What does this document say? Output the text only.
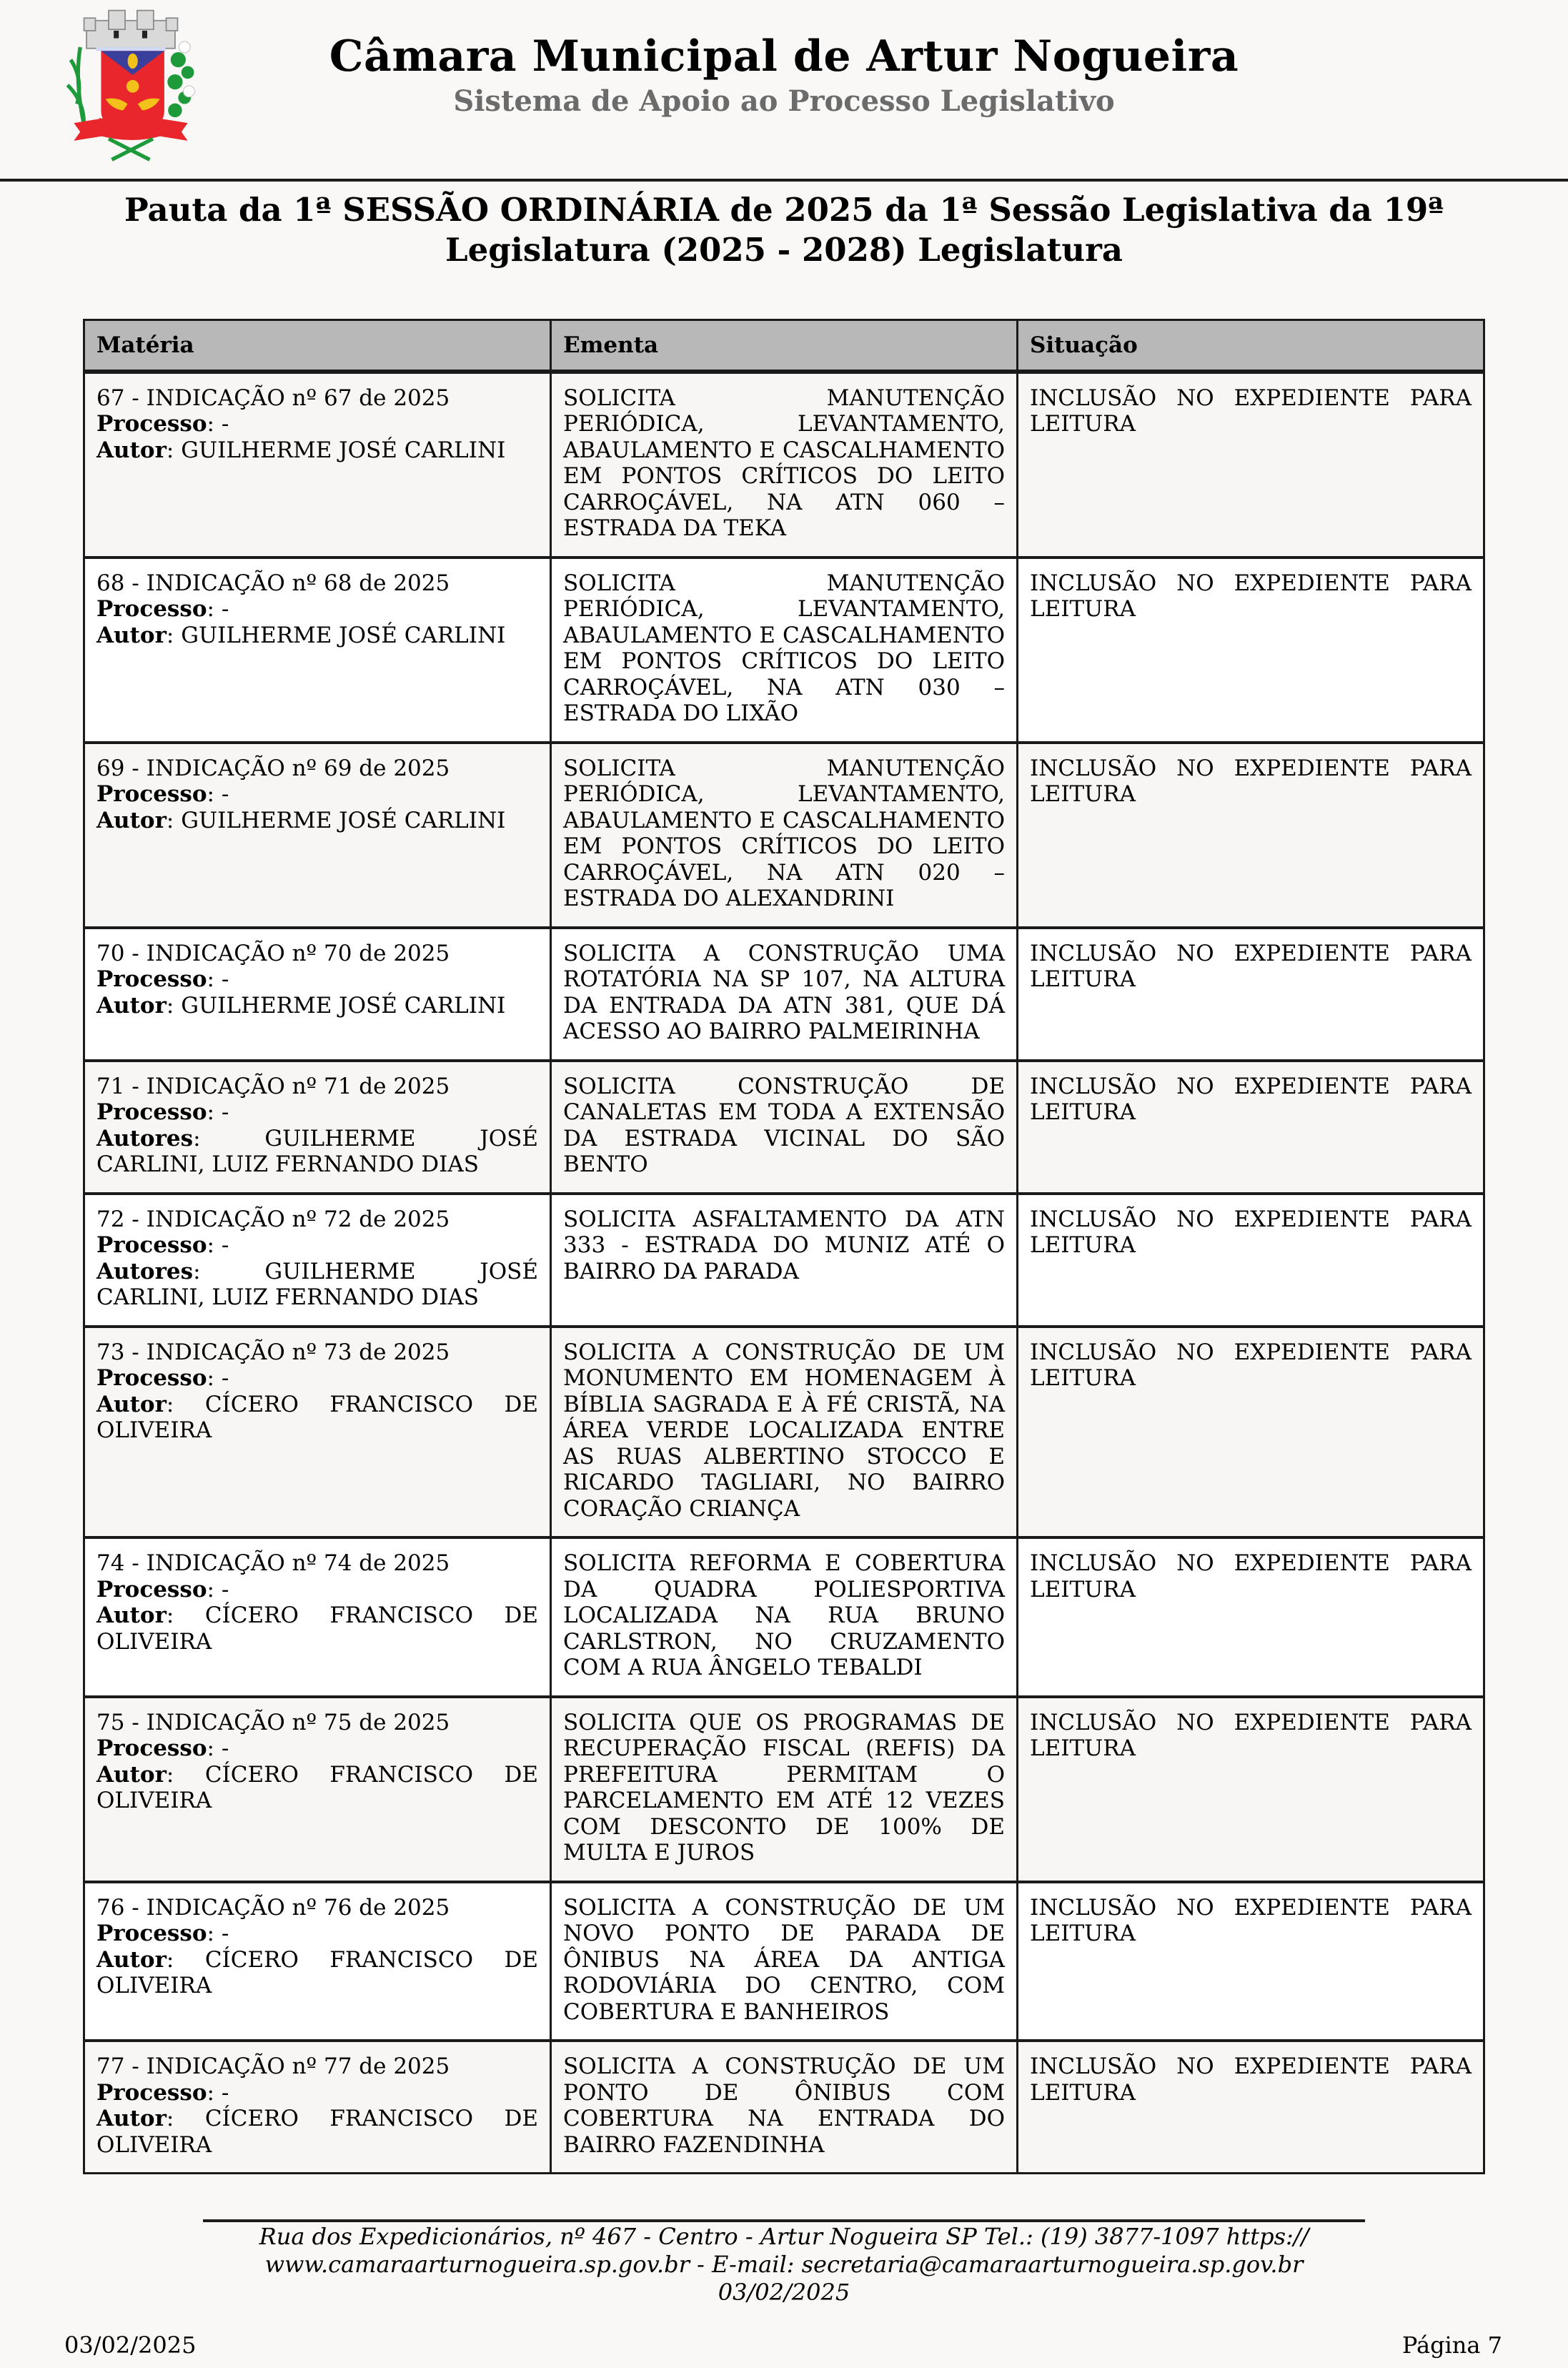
Câmara Municipal de Artur Nogueira
Sistema de Apoio ao Processo Legislativo
Pauta da 1ª SESSÃO ORDINÁRIA de 2025 da 1ª Sessão Legislativa da 19ª
Legislatura (2025 - 2028) Legislatura
Matéria	Ementa	Situação

67 - INDICAÇÃO nº 67 de 2025
Processo: -
Autor: GUILHERME JOSÉ CARLINI	SOLICITA MANUTENÇÃO PERIÓDICA, LEVANTAMENTO, ABAULAMENTO E CASCALHAMENTO EM PONTOS CRÍTICOS DO LEITO CARROÇÁVEL, NA ATN 060 – ESTRADA DA TEKA	INCLUSÃO NO EXPEDIENTE PARA LEITURA

68 - INDICAÇÃO nº 68 de 2025
Processo: -
Autor: GUILHERME JOSÉ CARLINI	SOLICITA MANUTENÇÃO PERIÓDICA, LEVANTAMENTO, ABAULAMENTO E CASCALHAMENTO EM PONTOS CRÍTICOS DO LEITO CARROÇÁVEL, NA ATN 030 – ESTRADA DO LIXÃO	INCLUSÃO NO EXPEDIENTE PARA LEITURA

69 - INDICAÇÃO nº 69 de 2025
Processo: -
Autor: GUILHERME JOSÉ CARLINI	SOLICITA MANUTENÇÃO PERIÓDICA, LEVANTAMENTO, ABAULAMENTO E CASCALHAMENTO EM PONTOS CRÍTICOS DO LEITO CARROÇÁVEL, NA ATN 020 – ESTRADA DO ALEXANDRINI	INCLUSÃO NO EXPEDIENTE PARA LEITURA

70 - INDICAÇÃO nº 70 de 2025
Processo: -
Autor: GUILHERME JOSÉ CARLINI	SOLICITA A CONSTRUÇÃO UMA ROTATÓRIA NA SP 107, NA ALTURA DA ENTRADA DA ATN 381, QUE DÁ ACESSO AO BAIRRO PALMEIRINHA	INCLUSÃO NO EXPEDIENTE PARA LEITURA

71 - INDICAÇÃO nº 71 de 2025
Processo: -
Autores: GUILHERME JOSÉ CARLINI, LUIZ FERNANDO DIAS	SOLICITA CONSTRUÇÃO DE CANALETAS EM TODA A EXTENSÃO DA ESTRADA VICINAL DO SÃO BENTO	INCLUSÃO NO EXPEDIENTE PARA LEITURA

72 - INDICAÇÃO nº 72 de 2025
Processo: -
Autores: GUILHERME JOSÉ CARLINI, LUIZ FERNANDO DIAS	SOLICITA ASFALTAMENTO DA ATN 333 - ESTRADA DO MUNIZ ATÉ O BAIRRO DA PARADA	INCLUSÃO NO EXPEDIENTE PARA LEITURA

73 - INDICAÇÃO nº 73 de 2025
Processo: -
Autor: CÍCERO FRANCISCO DE OLIVEIRA	SOLICITA A CONSTRUÇÃO DE UM MONUMENTO EM HOMENAGEM À BÍBLIA SAGRADA E À FÉ CRISTÃ, NA ÁREA VERDE LOCALIZADA ENTRE AS RUAS ALBERTINO STOCCO E RICARDO TAGLIARI, NO BAIRRO CORAÇÃO CRIANÇA	INCLUSÃO NO EXPEDIENTE PARA LEITURA

74 - INDICAÇÃO nº 74 de 2025
Processo: -
Autor: CÍCERO FRANCISCO DE OLIVEIRA	SOLICITA REFORMA E COBERTURA DA QUADRA POLIESPORTIVA LOCALIZADA NA RUA BRUNO CARLSTRON, NO CRUZAMENTO COM A RUA ÂNGELO TEBALDI	INCLUSÃO NO EXPEDIENTE PARA LEITURA

75 - INDICAÇÃO nº 75 de 2025
Processo: -
Autor: CÍCERO FRANCISCO DE OLIVEIRA	SOLICITA QUE OS PROGRAMAS DE RECUPERAÇÃO FISCAL (REFIS) DA PREFEITURA PERMITAM O PARCELAMENTO EM ATÉ 12 VEZES COM DESCONTO DE 100% DE MULTA E JUROS	INCLUSÃO NO EXPEDIENTE PARA LEITURA

76 - INDICAÇÃO nº 76 de 2025
Processo: -
Autor: CÍCERO FRANCISCO DE OLIVEIRA	SOLICITA A CONSTRUÇÃO DE UM NOVO PONTO DE PARADA DE ÔNIBUS NA ÁREA DA ANTIGA RODOVIÁRIA DO CENTRO, COM COBERTURA E BANHEIROS	INCLUSÃO NO EXPEDIENTE PARA LEITURA

77 - INDICAÇÃO nº 77 de 2025
Processo: -
Autor: CÍCERO FRANCISCO DE OLIVEIRA	SOLICITA A CONSTRUÇÃO DE UM PONTO DE ÔNIBUS COM COBERTURA NA ENTRADA DO BAIRRO FAZENDINHA	INCLUSÃO NO EXPEDIENTE PARA LEITURA
Rua dos Expedicionários, nº 467 - Centro - Artur Nogueira SP Tel.: (19) 3877-1097 https://
www.camaraarturnogueira.sp.gov.br - E-mail: secretaria@camaraarturnogueira.sp.gov.br
03/02/2025
03/02/2025	Página 7
